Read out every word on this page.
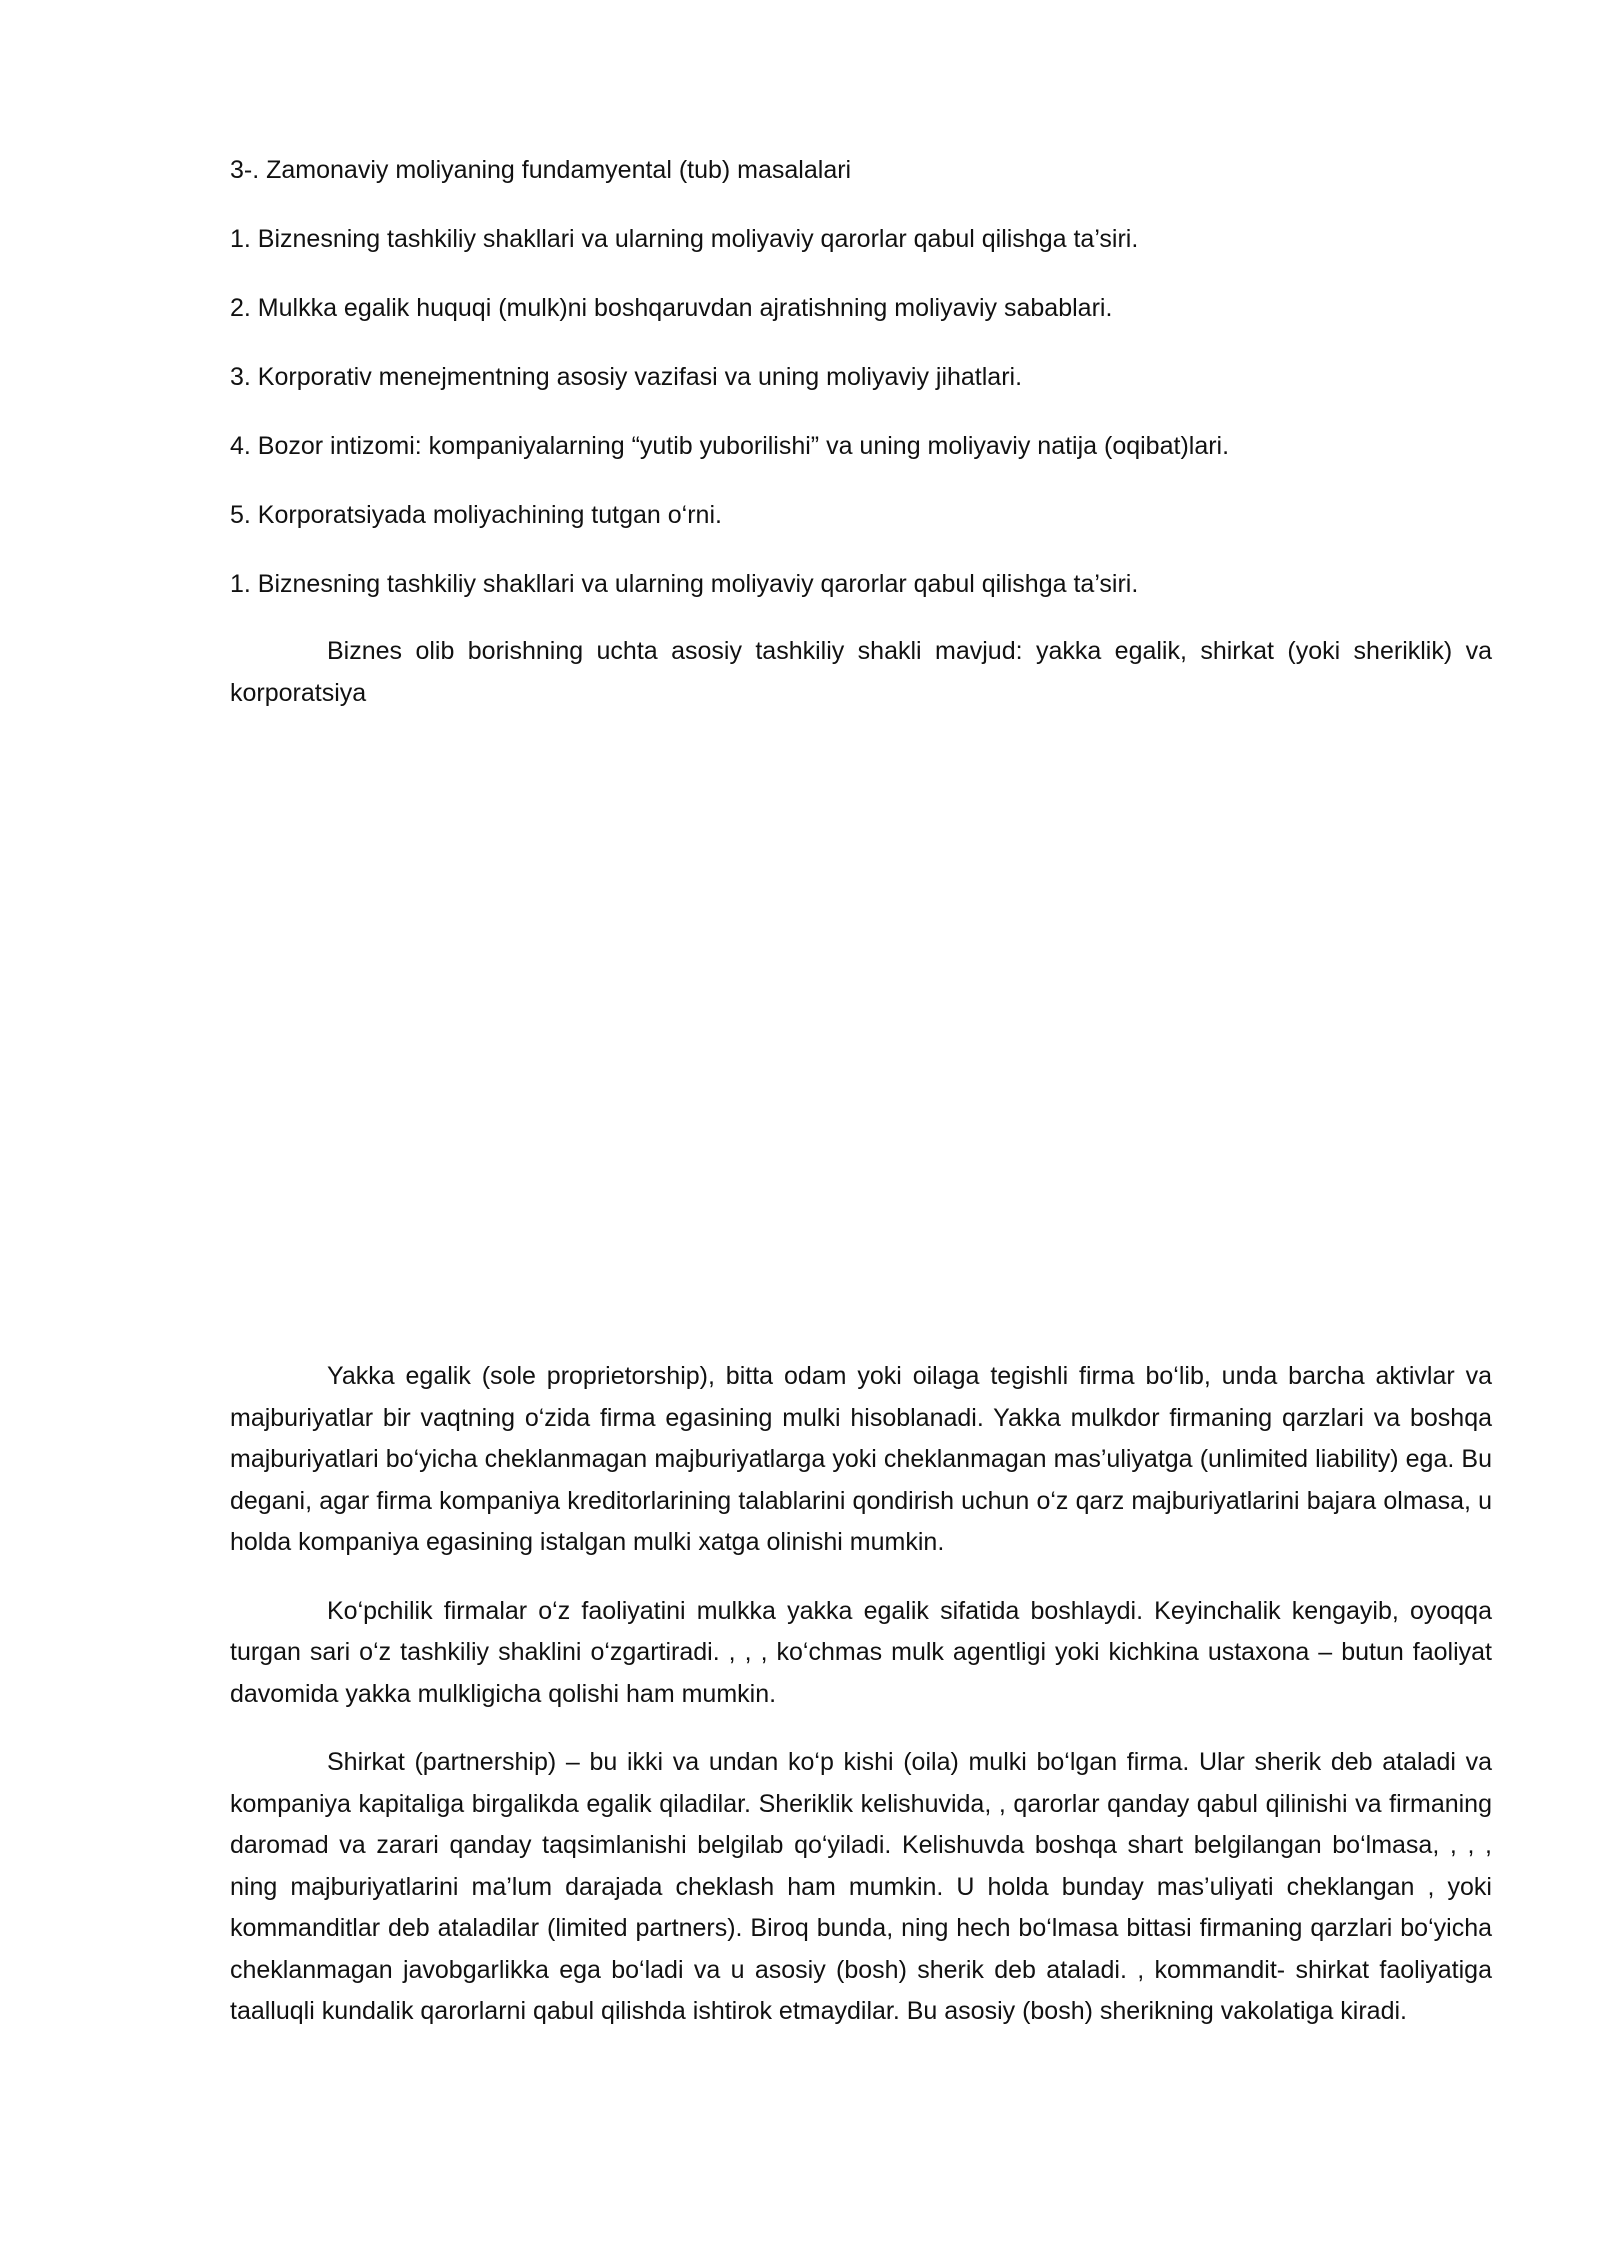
3-. Zamonaviy moliyaning fundamyental (tub) masalalari

1. Biznesning tashkiliy shakllari va ularning moliyaviy qarorlar qabul qilishga ta’siri.

2. Mulkka egalik huquqi (mulk)ni boshqaruvdan ajratishning moliyaviy sabablari.

3. Korporativ menejmentning asosiy vazifasi va uning moliyaviy jihatlari.

4. Bozor intizomi: kompaniyalarning “yutib yuborilishi” va uning moliyaviy natija (oqibat)lari.

5. Korporatsiyada moliyachining tutgan o‘rni.

1. Biznesning tashkiliy shakllari va ularning moliyaviy qarorlar qabul qilishga ta’siri.

Biznes olib borishning uchta asosiy tashkiliy shakli mavjud: yakka egalik, shirkat (yoki sheriklik) va korporatsiya

Yakka egalik (sole proprietorship), bitta odam yoki oilaga tegishli firma bo‘lib, unda barcha aktivlar va majburiyatlar bir vaqtning o‘zida firma egasining mulki hisoblanadi. Yakka mulkdor firmaning qarzlari va boshqa majburiyatlari bo‘yicha cheklanmagan majburiyatlarga yoki cheklanmagan mas’uliyatga (unlimited liability) ega. Bu degani, agar firma kompaniya kreditorlarining talablarini qondirish uchun o‘z qarz majburiyatlarini bajara olmasa, u holda kompaniya egasining istalgan mulki xatga olinishi mumkin.

Ko‘pchilik firmalar o‘z faoliyatini mulkka yakka egalik sifatida boshlaydi. Keyinchalik kengayib, oyoqqa turgan sari o‘z tashkiliy shaklini o‘zgartiradi. , , , ko‘chmas mulk agentligi yoki kichkina ustaxona – butun faoliyat davomida yakka mulkligicha qolishi ham mumkin.

Shirkat (partnership) – bu ikki va undan ko‘p kishi (oila) mulki bo‘lgan firma. Ular sherik deb ataladi va kompaniya kapitaliga birgalikda egalik qiladilar. Sheriklik kelishuvida, , qarorlar qanday qabul qilinishi va firmaning daromad va zarari qanday taqsimlanishi belgilab qo‘yiladi. Kelishuvda boshqa shart belgilangan bo‘lmasa, , , , ning majburiyatlarini ma’lum darajada cheklash ham mumkin. U holda bunday mas’uliyati cheklangan , yoki kommanditlar deb ataladilar (limited partners). Biroq bunda, ning hech bo‘lmasa bittasi firmaning qarzlari bo‘yicha cheklanmagan javobgarlikka ega bo‘ladi va u asosiy (bosh) sherik deb ataladi. , kommandit- shirkat faoliyatiga taalluqli kundalik qarorlarni qabul qilishda ishtirok etmaydilar. Bu asosiy (bosh) sherikning vakolatiga kiradi.
